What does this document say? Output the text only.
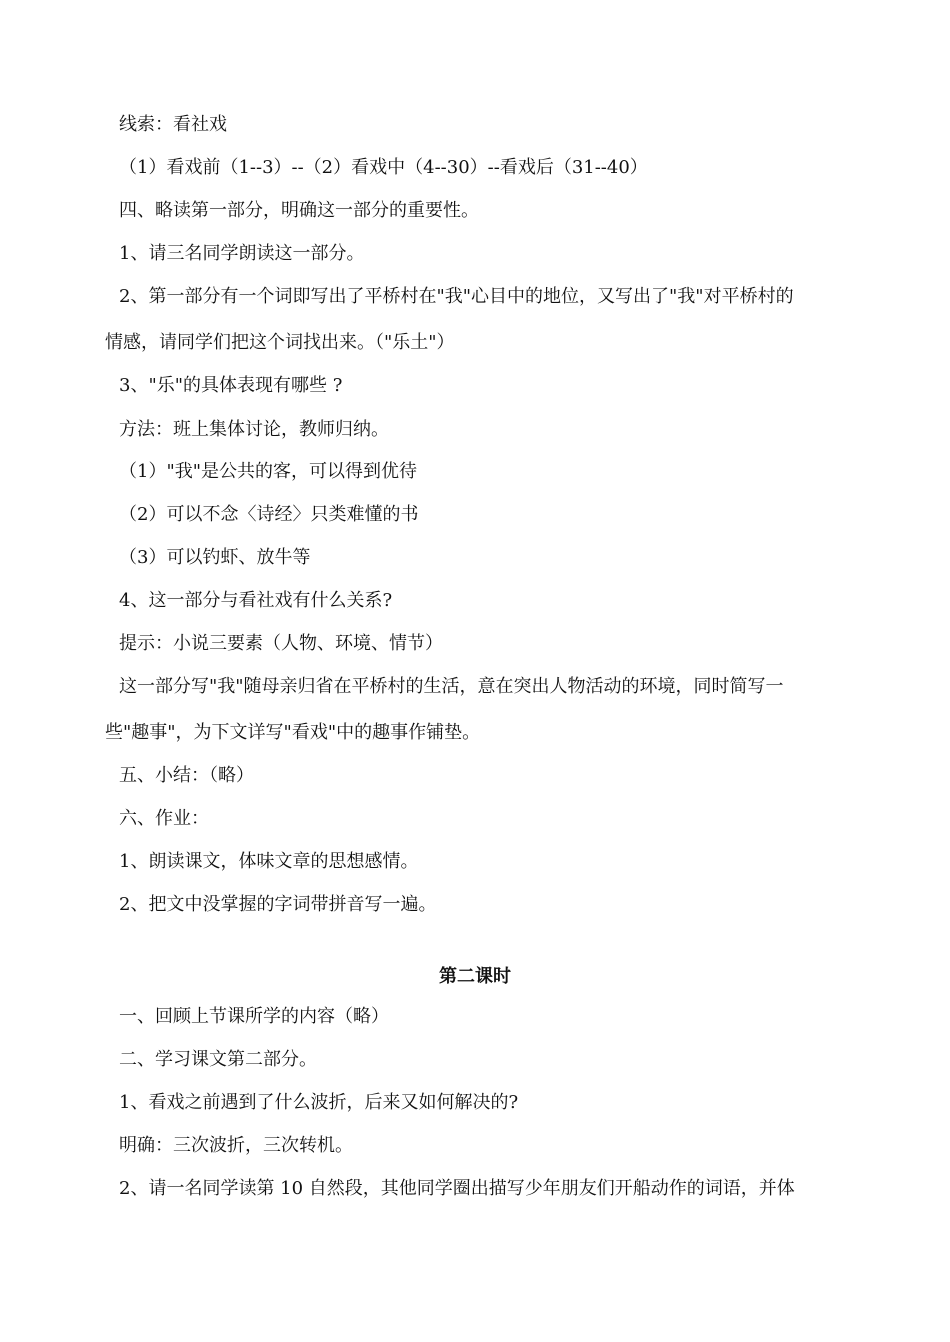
线索：看社戏
（1）看戏前（1--3）--（2）看戏中（4--30）--看戏后（31--40）
四、略读第一部分，明确这一部分的重要性。
1、请三名同学朗读这一部分。
2、第一部分有一个词即写出了平桥村在"我"心目中的地位，又写出了"我"对平桥村的
情感，请同学们把这个词找出来。（"乐土"）
3、"乐"的具体表现有哪些 ?
方法：班上集体讨论，教师归纳。
（1）"我"是公共的客，可以得到优待
（2）可以不念〈诗经〉只类难懂的书
（3）可以钓虾、放牛等
4、这一部分与看社戏有什么关系?
提示：小说三要素（人物、环境、情节）
这一部分写"我"随母亲归省在平桥村的生活，意在突出人物活动的环境，同时简写一
些"趣事"，为下文详写"看戏"中的趣事作铺垫。
五、小结：（略）
六、作业：
1、朗读课文，体味文章的思想感情。
2、把文中没掌握的字词带拼音写一遍。
第二课时
一、回顾上节课所学的内容（略）
二、学习课文第二部分。
1、看戏之前遇到了什么波折，后来又如何解决的?
明确：三次波折，三次转机。
2、请一名同学读第 10 自然段，其他同学圈出描写少年朋友们开船动作的词语，并体
